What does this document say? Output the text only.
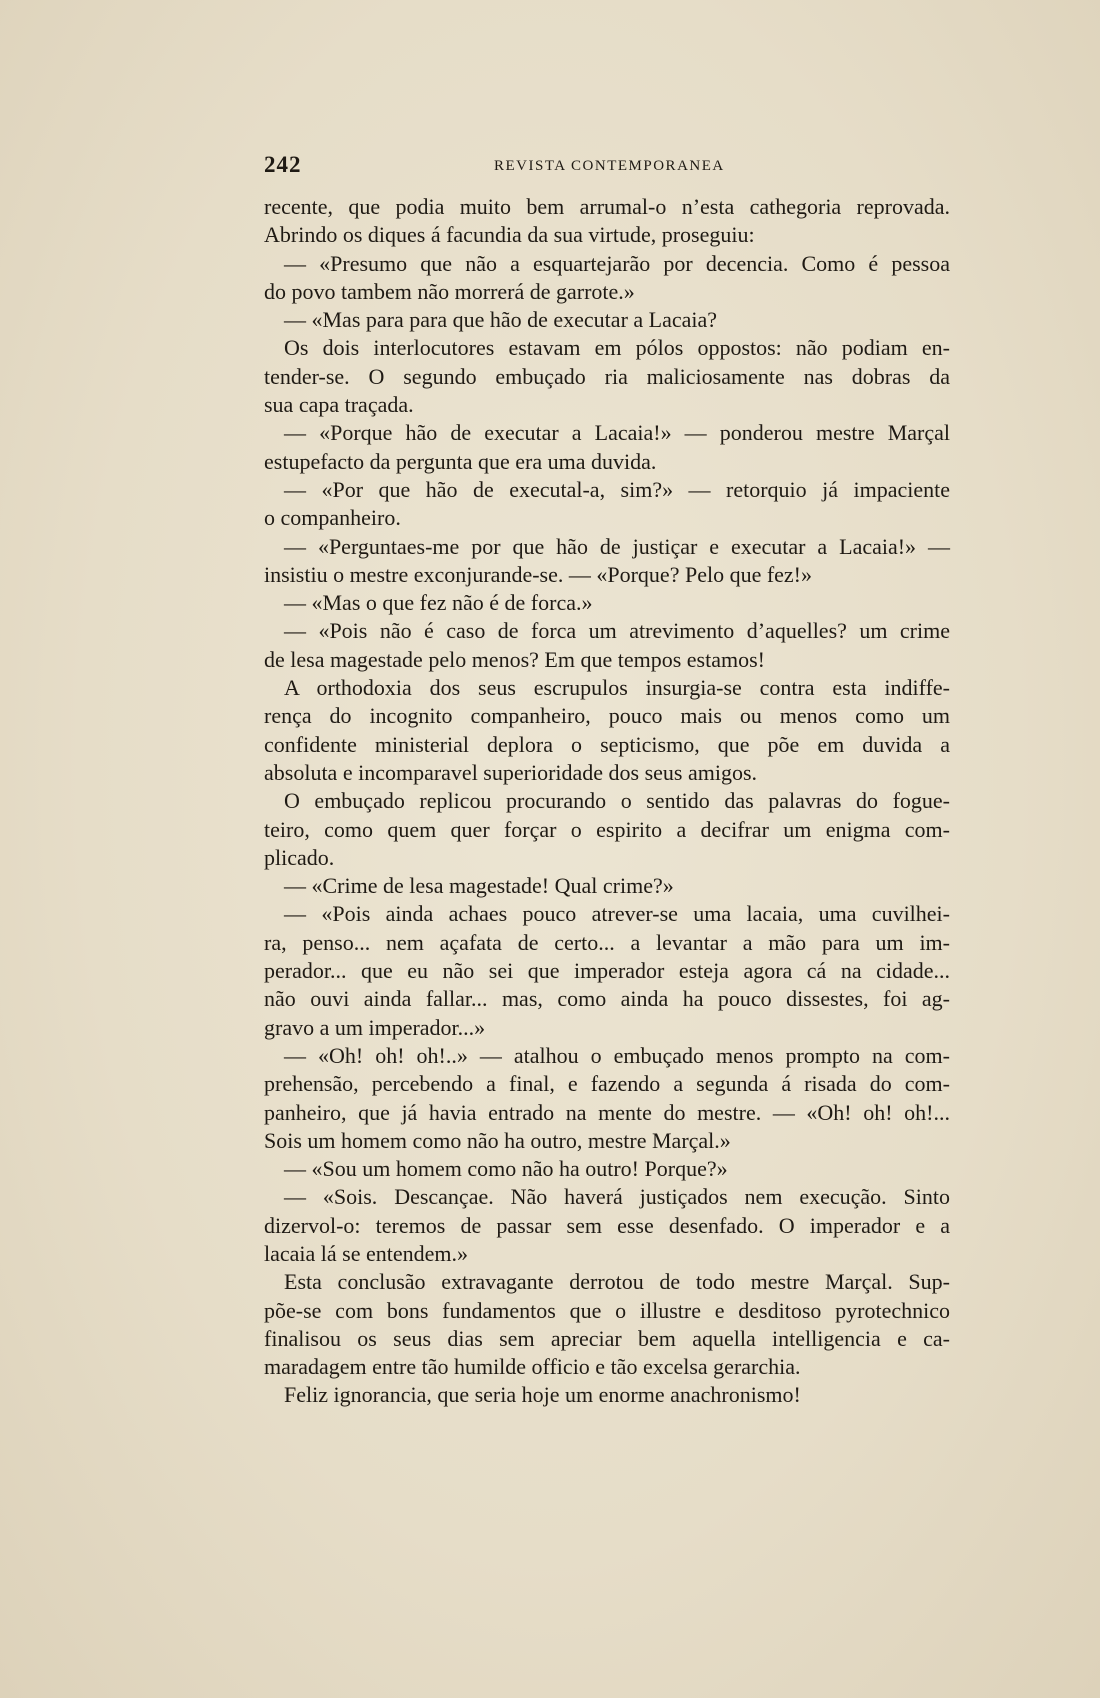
242	REVISTA CONTEMPORANEA
recente, que podia muito bem arrumal-o n’esta cathegoria reprovada.
Abrindo os diques á facundia da sua virtude, proseguiu:
— «Presumo que não a esquartejarão por decencia. Como é pessoa
do povo tambem não morrerá de garrote.»
— «Mas para para que hão de executar a Lacaia?
Os dois interlocutores estavam em pólos oppostos: não podiam en-
tender-se. O segundo embuçado ria maliciosamente nas dobras da
sua capa traçada.
— «Porque hão de executar a Lacaia!» — ponderou mestre Marçal
estupefacto da pergunta que era uma duvida.
— «Por que hão de executal-a, sim?» — retorquio já impaciente
o companheiro.
— «Perguntaes-me por que hão de justiçar e executar a Lacaia!» —
insistiu o mestre exconjurande-se. — «Porque? Pelo que fez!»
— «Mas o que fez não é de forca.»
— «Pois não é caso de forca um atrevimento d’aquelles? um crime
de lesa magestade pelo menos? Em que tempos estamos!
A orthodoxia dos seus escrupulos insurgia-se contra esta indiffe-
rença do incognito companheiro, pouco mais ou menos como um
confidente ministerial deplora o septicismo, que põe em duvida a
absoluta e incomparavel superioridade dos seus amigos.
O embuçado replicou procurando o sentido das palavras do fogue-
teiro, como quem quer forçar o espirito a decifrar um enigma com-
plicado.
— «Crime de lesa magestade! Qual crime?»
— «Pois ainda achaes pouco atrever-se uma lacaia, uma cuvilhei-
ra, penso... nem açafata de certo... a levantar a mão para um im-
perador... que eu não sei que imperador esteja agora cá na cidade...
não ouvi ainda fallar... mas, como ainda ha pouco dissestes, foi ag-
gravo a um imperador...»
— «Oh! oh! oh!..» — atalhou o embuçado menos prompto na com-
prehensão, percebendo a final, e fazendo a segunda á risada do com-
panheiro, que já havia entrado na mente do mestre. — «Oh! oh! oh!...
Sois um homem como não ha outro, mestre Marçal.»
— «Sou um homem como não ha outro! Porque?»
— «Sois. Descançae. Não haverá justiçados nem execução. Sinto
dizervol-o: teremos de passar sem esse desenfado. O imperador e a
lacaia lá se entendem.»
Esta conclusão extravagante derrotou de todo mestre Marçal. Sup-
põe-se com bons fundamentos que o illustre e desditoso pyrotechnico
finalisou os seus dias sem apreciar bem aquella intelligencia e ca-
maradagem entre tão humilde officio e tão excelsa gerarchia.
Feliz ignorancia, que seria hoje um enorme anachronismo!
